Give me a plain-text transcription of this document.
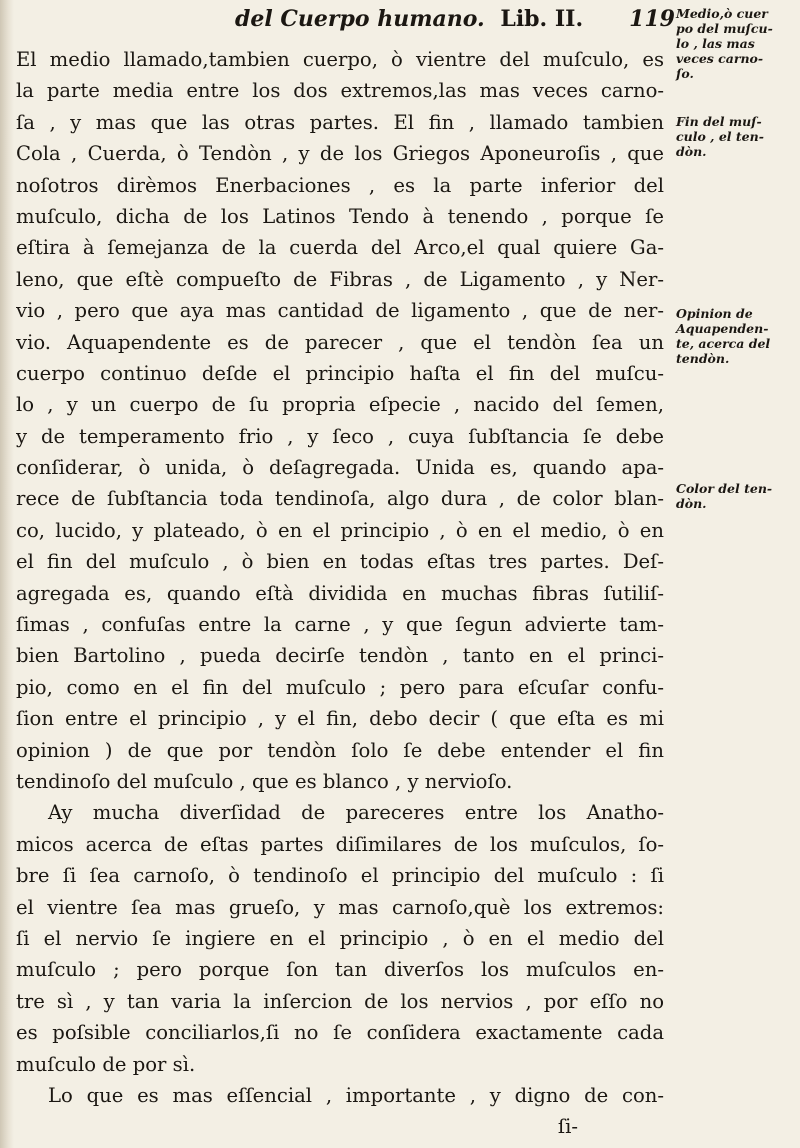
del Cuerpo humano. Lib. II. 119
El medio llamado,tambien cuerpo, ò vientre del muſculo, es
la parte media entre los dos extremos,las mas veces carno-
ſa , y mas que las otras partes. El fin , llamado tambien
Cola , Cuerda, ò Tendòn , y de los Griegos Aponeuroſis , que
noſotros dirèmos Enerbaciones , es la parte inferior del
muſculo, dicha de los Latinos Tendo à tenendo , porque ſe
eſtira à ſemejanza de la cuerda del Arco,el qual quiere Ga-
leno, que eſtè compueſto de Fibras , de Ligamento , y Ner-
vio , pero que aya mas cantidad de ligamento , que de ner-
vio. Aquapendente es de parecer , que el tendòn ſea un
cuerpo continuo deſde el principio haſta el fin del muſcu-
lo , y un cuerpo de ſu propria eſpecie , nacido del ſemen,
y de temperamento frio , y ſeco , cuya ſubſtancia ſe debe
conſiderar, ò unida, ò deſagregada. Unida es, quando apa-
rece de ſubſtancia toda tendinoſa, algo dura , de color blan-
co, lucido, y plateado, ò en el principio , ò en el medio, ò en
el fin del muſculo , ò bien en todas eſtas tres partes. Deſ-
agregada es, quando eſtà dividida en muchas fibras ſutiliſ-
ſimas , confuſas entre la carne , y que ſegun advierte tam-
bien Bartolino , pueda decirſe tendòn , tanto en el princi-
pio, como en el fin del muſculo ; pero para eſcuſar confu-
ſion entre el principio , y el fin, debo decir ( que eſta es mi
opinion ) de que por tendòn ſolo ſe debe entender el fin
tendinoſo del muſculo , que es blanco , y nervioſo.
Ay mucha diverſidad de pareceres entre los Anatho-
micos acerca de eſtas partes diſimilares de los muſculos, ſo-
bre ſi ſea carnoſo, ò tendinoſo el principio del muſculo : ſi
el vientre ſea mas grueſo, y mas carnoſo,què los extremos:
ſi el nervio ſe ingiere en el principio , ò en el medio del
muſculo ; pero porque ſon tan diverſos los muſculos en-
tre sì , y tan varia la inſercion de los nervios , por eſſo no
es poſsible conciliarlos,ſi no ſe conſidera exactamente cada
muſculo de por sì.
Lo que es mas eſſencial , importante , y digno de con-
ſi-
Medio,ò cuer
po del muſcu-
lo , las mas
veces carno-
ſo.
Fin del muſ-
culo , el ten-
dòn.
Opinion de
Aquapenden-
te, acerca del
tendòn.
Color del ten-
dòn.
